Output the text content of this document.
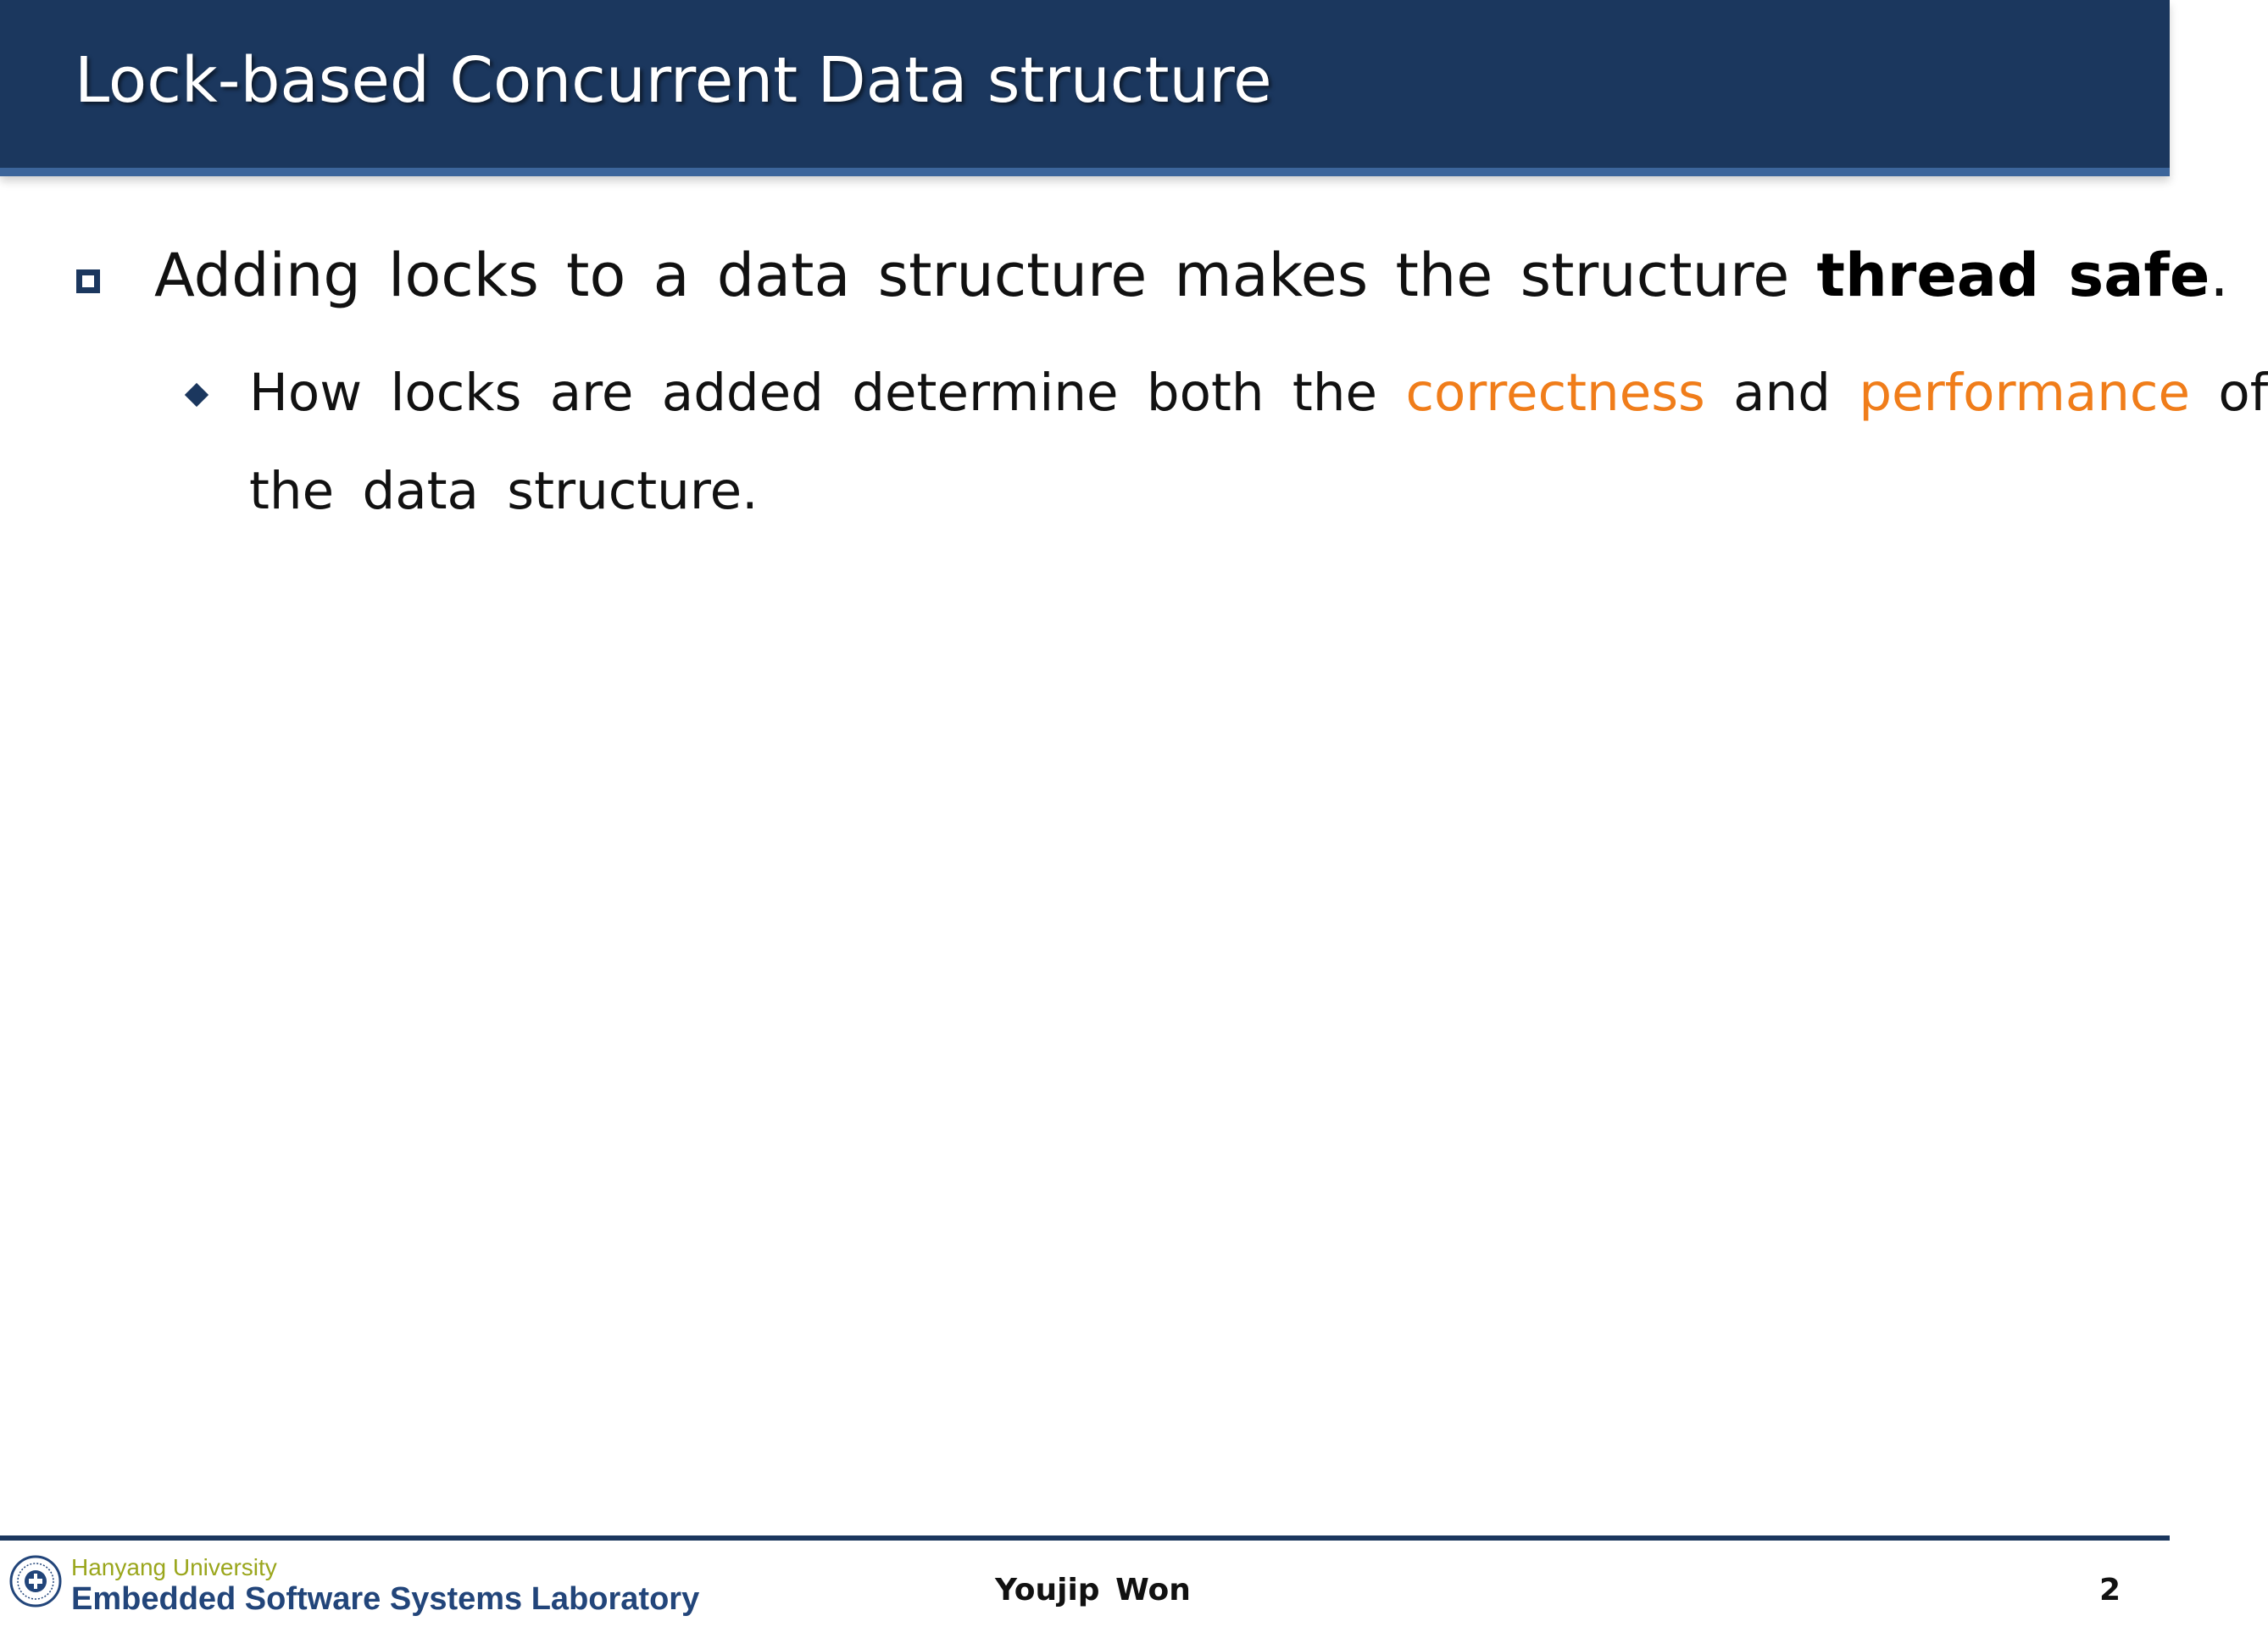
Lock-based Concurrent Data structure
Adding locks to a data structure makes the structure thread safe.
How locks are added determine both the correctness and performance of
the data structure.
Hanyang University
Embedded Software Systems Laboratory	Youjip Won	2
